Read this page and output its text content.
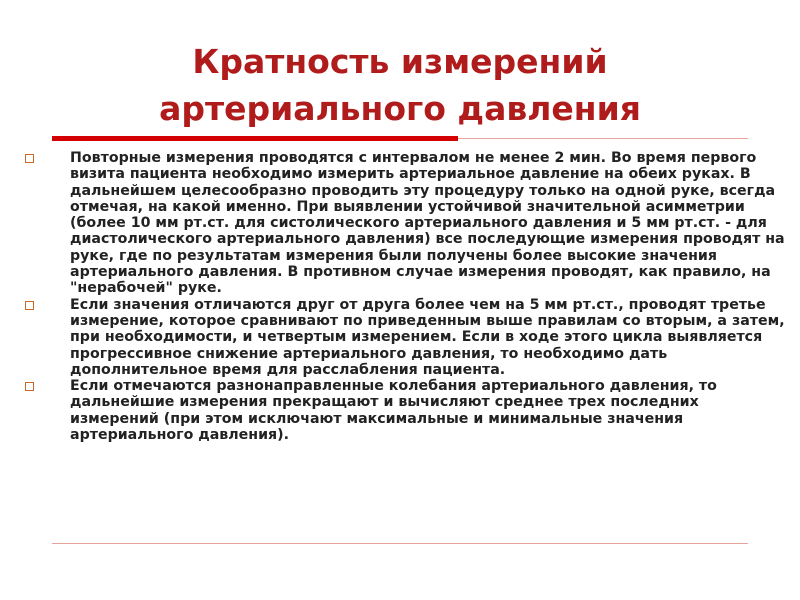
Кратность измерений
артериального давления
Повторные измерения проводятся с интервалом не менее 2 мин. Во время первого визита пациента необходимо измерить артериальное давление на обеих руках. В дальнейшем целесообразно проводить эту процедуру только на одной руке, всегда отмечая, на какой именно. При выявлении устойчивой значительной асимметрии (более 10 мм рт.ст. для систолического артериального давления и 5 мм рт.ст. - для диастолического артериального давления) все последующие измерения проводят на руке, где по результатам измерения были получены более высокие значения артериального давления. В противном случае измерения проводят, как правило, на "нерабочей" руке.
Если значения отличаются друг от друга более чем на 5 мм рт.ст., проводят третье измерение, которое сравнивают по приведенным выше правилам со вторым, а затем, при необходимости, и четвертым измерением. Если в ходе этого цикла выявляется прогрессивное снижение артериального давления, то необходимо дать дополнительное время для расслабления пациента.
Если отмечаются разнонаправленные колебания артериального давления, то дальнейшие измерения прекращают и вычисляют среднее трех последних измерений (при этом исключают максимальные и минимальные значения артериального давления).
